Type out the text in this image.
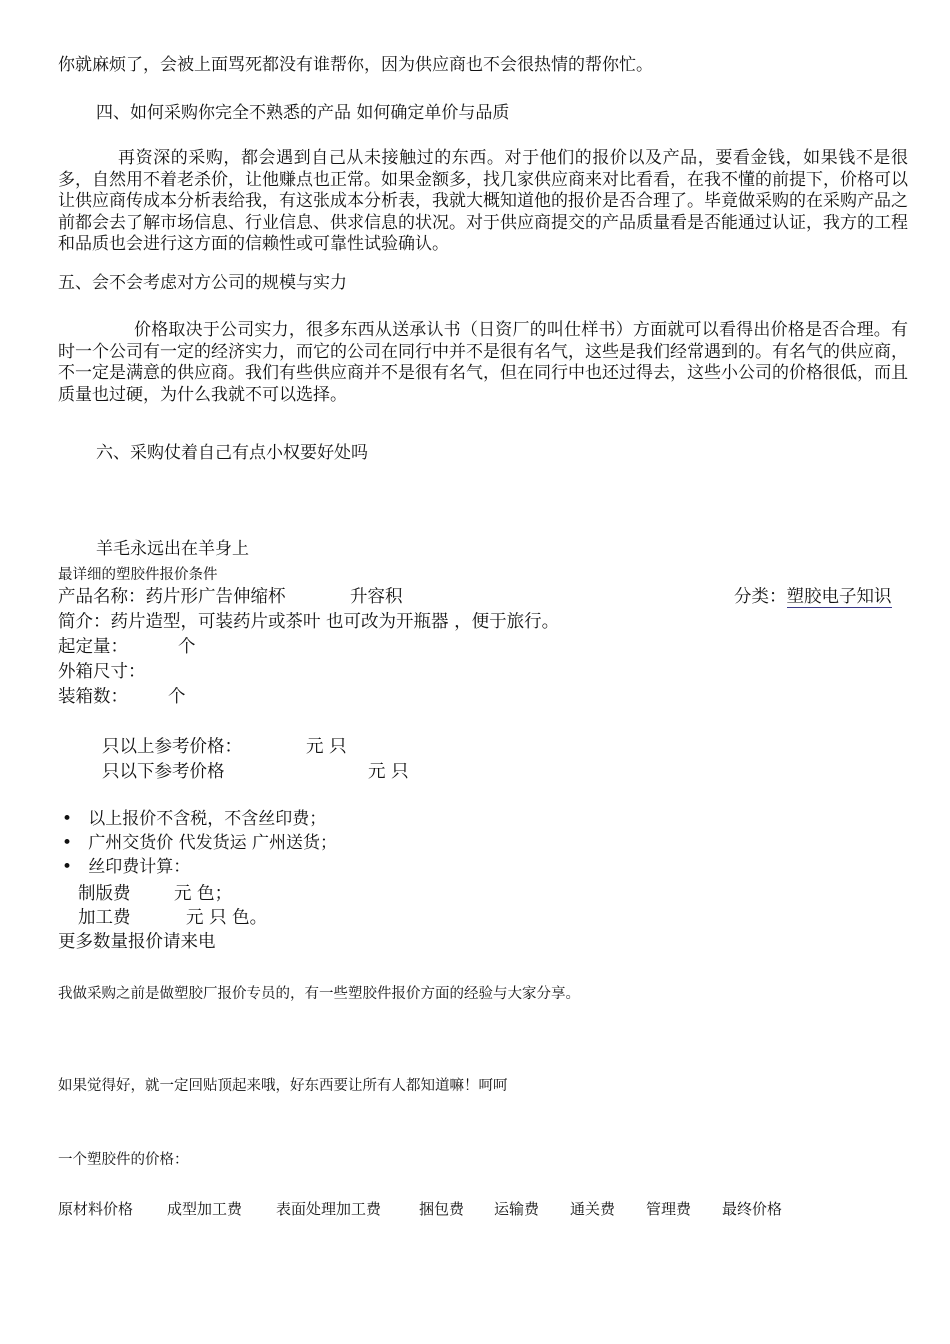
你就麻烦了，会被上面骂死都没有谁帮你，因为供应商也不会很热情的帮你忙。
四、如何采购你完全不熟悉的产品 如何确定单价与品质
再资深的采购，都会遇到自己从未接触过的东西。对于他们的报价以及产品，要看金钱，如果钱不是很多，自然用不着老杀价，让他赚点也正常。如果金额多，找几家供应商来对比看看，在我不懂的前提下，价格可以让供应商传成本分析表给我，有这张成本分析表，我就大概知道他的报价是否合理了。毕竟做采购的在采购产品之前都会去了解市场信息、行业信息、供求信息的状况。对于供应商提交的产品质量看是否能通过认证，我方的工程和品质也会进行这方面的信赖性或可靠性试验确认。
五、会不会考虑对方公司的规模与实力
价格取决于公司实力，很多东西从送承认书（日资厂的叫仕样书）方面就可以看得出价格是否合理。有时一个公司有一定的经济实力，而它的公司在同行中并不是很有名气，这些是我们经常遇到的。有名气的供应商，不一定是满意的供应商。我们有些供应商并不是很有名气，但在同行中也还过得去，这些小公司的价格很低，而且质量也过硬，为什么我就不可以选择。
六、采购仗着自己有点小权要好处吗
羊毛永远出在羊身上
最详细的塑胶件报价条件
产品名称：药片形广告伸缩杯	升容积	分类：塑胶电子知识
简介：药片造型，可装药片或茶叶 也可改为开瓶器 ，便于旅行。
起定量：	个
外箱尺寸：
装箱数： 个
只以上参考价格：	元 只
只以下参考价格	元 只
•   以上报价不含税，不含丝印费；
•   广州交货价 代发货运 广州送货；
•   丝印费计算：
制版费 元 色；
加工费	元 只 色。
更多数量报价请来电
我做采购之前是做塑胶厂报价专员的，有一些塑胶件报价方面的经验与大家分享。
如果觉得好，就一定回贴顶起来哦，好东西要让所有人都知道嘛！呵呵
一个塑胶件的价格：
原材料价格	成型加工费	表面处理加工费	捆包费	运输费	通关费	管理费	最终价格
